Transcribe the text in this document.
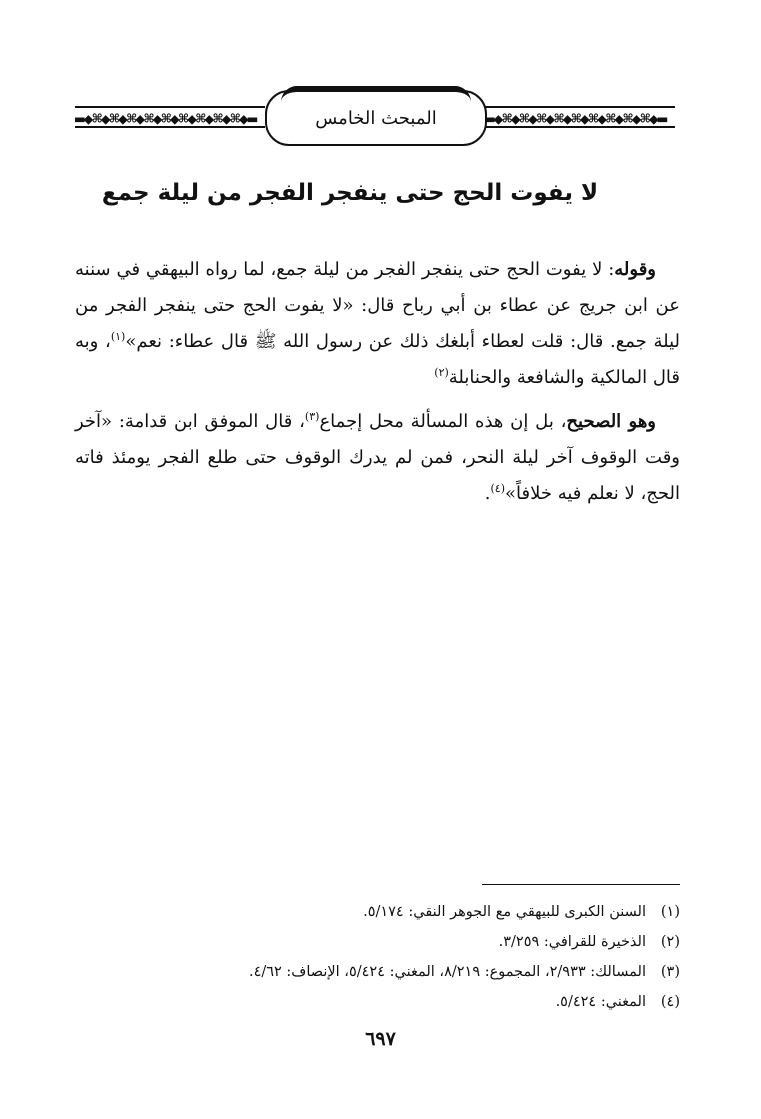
▬◆⌘◆⌘◆⌘◆⌘◆⌘◆⌘◆⌘◆⌘◆⌘◆▬	المبحث الخامس	▬◆⌘◆⌘◆⌘◆⌘◆⌘◆⌘◆⌘◆⌘◆⌘◆▬
لا يفوت الحج حتى ينفجر الفجر من ليلة جمع

وقوله: لا يفوت الحج حتى ينفجر الفجر من ليلة جمع، لما رواه البيهقي في سننه عن ابن جريج عن عطاء بن أبي رباح قال: «لا يفوت الحج حتى ينفجر الفجر من ليلة جمع. قال: قلت لعطاء أبلغك ذلك عن رسول الله ﷺ قال عطاء: نعم»$^{(١)}$، وبه قال المالكية والشافعة والحنابلة$^{(٢)}$

وهو الصحيح، بل إن هذه المسألة محل إجماع$^{(٣)}$، قال الموفق ابن قدامة: «آخر وقت الوقوف آخر ليلة النحر، فمن لم يدرك الوقوف حتى طلع الفجر يومئذ فاته الحج، لا نعلم فيه خلافاً»$^{(٤)}$.

(١)
السنن الكبرى للبيهقي مع الجوهر النقي: ٥/١٧٤.
(٢)
الذخيرة للقرافي: ٣/٢٥٩.
(٣)
المسالك: ٢/٩٣٣، المجموع: ٨/٢١٩، المغني: ٥/٤٢٤، الإنصاف: ٤/٦٢.
(٤)
المغني: ٥/٤٢٤.
٦٩٧
